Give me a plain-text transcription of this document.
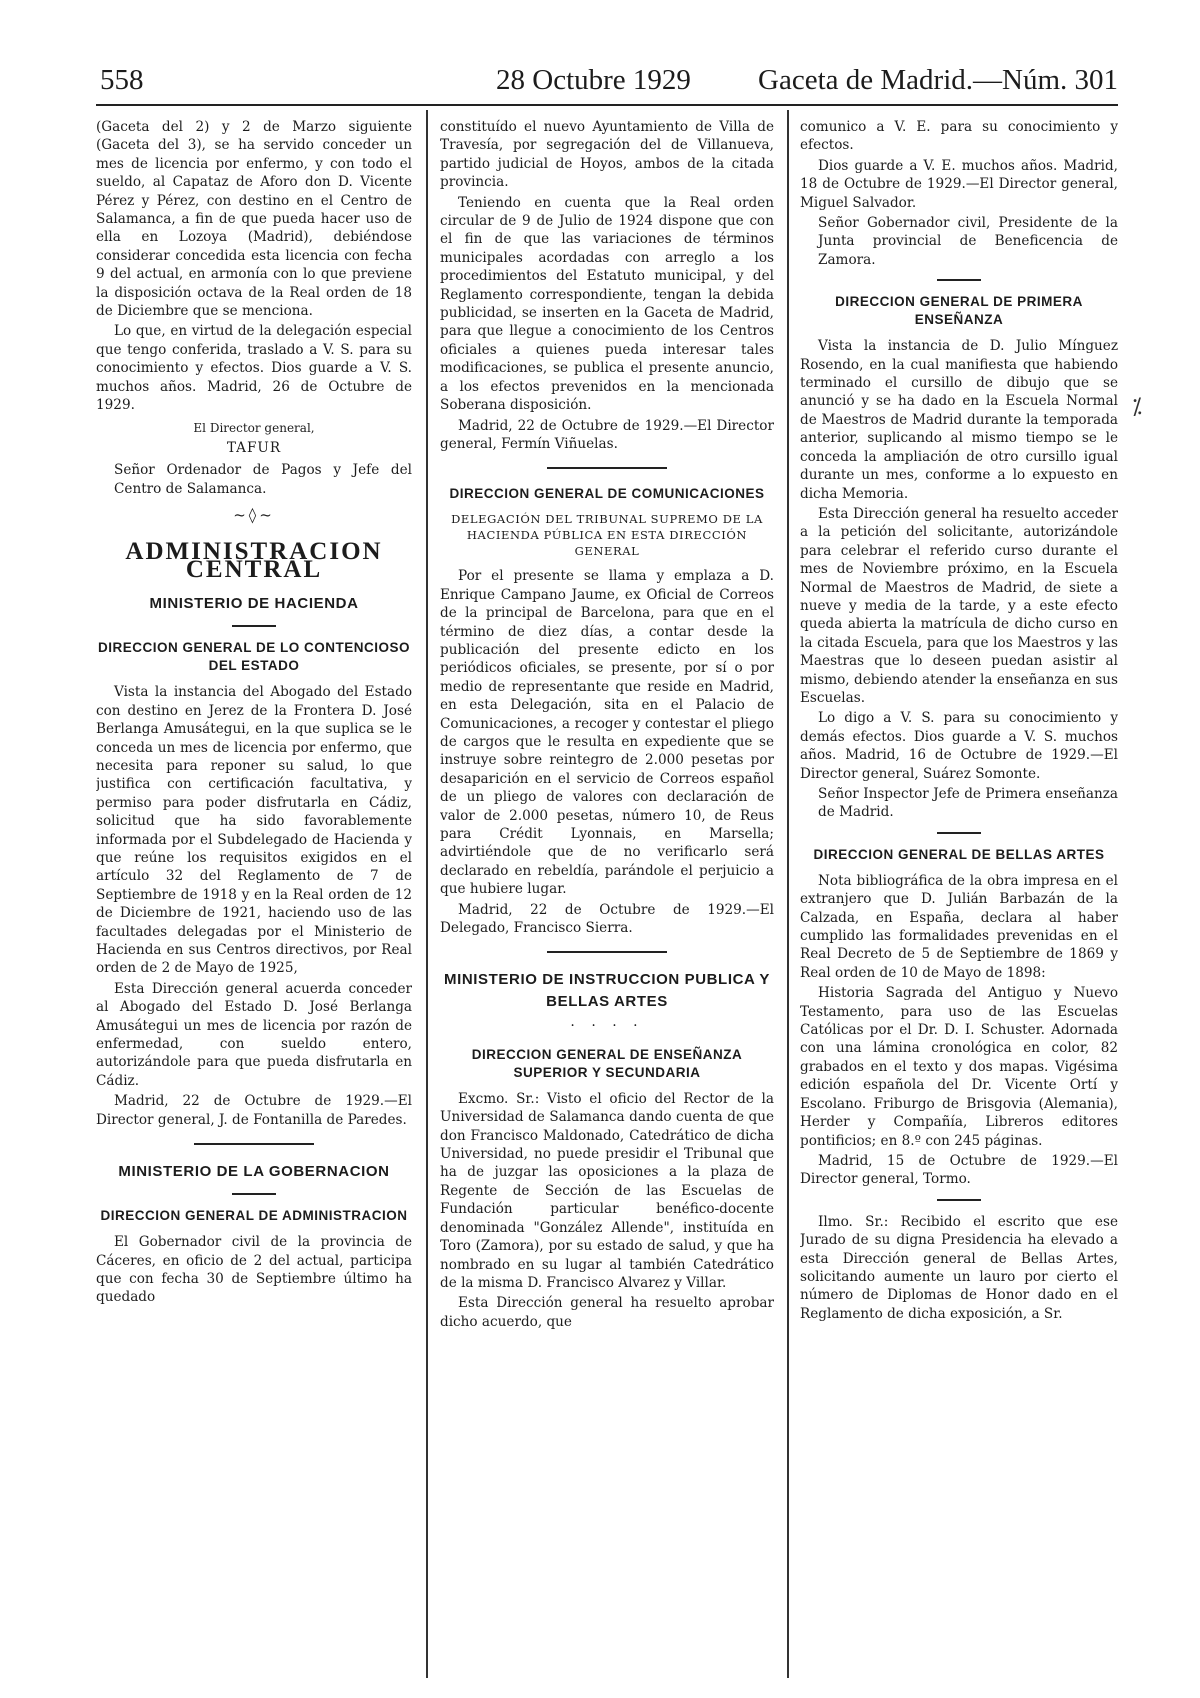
558	28 Octubre 1929 Gaceta de Madrid.—Núm. 301

(Gaceta del 2) y 2 de Marzo siguiente (Gaceta del 3), se ha servido conceder un mes de licencia por enfermo, y con todo el sueldo, al Capataz de Aforo don D. Vicente Pérez y Pérez, con destino en el Centro de Salamanca, a fin de que pueda hacer uso de ella en Lozoya (Madrid), debiéndose considerar concedida esta licencia con fecha 9 del actual, en armonía con lo que previene la disposición octava de la Real orden de 18 de Diciembre que se menciona.

Lo que, en virtud de la delegación especial que tengo conferida, traslado a V. S. para su conocimiento y efectos. Dios guarde a V. S. muchos años. Madrid, 26 de Octubre de 1929.

El Director general,

TAFUR

Señor Ordenador de Pagos y Jefe del Centro de Salamanca.

~◊~
ADMINISTRACION CENTRAL
MINISTERIO DE HACIENDA
DIRECCION GENERAL DE LO CONTENCIOSO DEL ESTADO

Vista la instancia del Abogado del Estado con destino en Jerez de la Frontera D. José Berlanga Amusátegui, en la que suplica se le conceda un mes de licencia por enfermo, que necesita para reponer su salud, lo que justifica con certificación facultativa, y permiso para poder disfrutarla en Cádiz, solicitud que ha sido favorablemente informada por el Subdelegado de Hacienda y que reúne los requisitos exigidos en el artículo 32 del Reglamento de 7 de Septiembre de 1918 y en la Real orden de 12 de Diciembre de 1921, haciendo uso de las facultades delegadas por el Ministerio de Hacienda en sus Centros directivos, por Real orden de 2 de Mayo de 1925,

Esta Dirección general acuerda conceder al Abogado del Estado D. José Berlanga Amusátegui un mes de licencia por razón de enfermedad, con sueldo entero, autorizándole para que pueda disfrutarla en Cádiz.

Madrid, 22 de Octubre de 1929.—El Director general, J. de Fontanilla de Paredes.

MINISTERIO DE LA GOBERNACION
DIRECCION GENERAL DE ADMINISTRACION

El Gobernador civil de la provincia de Cáceres, en oficio de 2 del actual, participa que con fecha 30 de Septiembre último ha quedado

constituído el nuevo Ayuntamiento de Villa de Travesía, por segregación del de Villanueva, partido judicial de Hoyos, ambos de la citada provincia.

Teniendo en cuenta que la Real orden circular de 9 de Julio de 1924 dispone que con el fin de que las variaciones de términos municipales acordadas con arreglo a los procedimientos del Estatuto municipal, y del Reglamento correspondiente, tengan la debida publicidad, se inserten en la Gaceta de Madrid, para que llegue a conocimiento de los Centros oficiales a quienes pueda interesar tales modificaciones, se publica el presente anuncio, a los efectos prevenidos en la mencionada Soberana disposición.

Madrid, 22 de Octubre de 1929.—El Director general, Fermín Viñuelas.

DIRECCION GENERAL DE COMUNICACIONES
DELEGACIÓN DEL TRIBUNAL SUPREMO DE LA HACIENDA PÚBLICA EN ESTA DIRECCIÓN GENERAL

Por el presente se llama y emplaza a D. Enrique Campano Jaume, ex Oficial de Correos de la principal de Barcelona, para que en el término de diez días, a contar desde la publicación del presente edicto en los periódicos oficiales, se presente, por sí o por medio de representante que reside en Madrid, en esta Delegación, sita en el Palacio de Comunicaciones, a recoger y contestar el pliego de cargos que le resulta en expediente que se instruye sobre reintegro de 2.000 pesetas por desaparición en el servicio de Correos español de un pliego de valores con declaración de valor de 2.000 pesetas, número 10, de Reus para Crédit Lyonnais, en Marsella; advirtiéndole que de no verificarlo será declarado en rebeldía, parándole el perjuicio a que hubiere lugar.

Madrid, 22 de Octubre de 1929.—El Delegado, Francisco Sierra.

MINISTERIO DE INSTRUCCION PUBLICA Y BELLAS ARTES
· · · ·
DIRECCION GENERAL DE ENSEÑANZA SUPERIOR Y SECUNDARIA

Excmo. Sr.: Visto el oficio del Rector de la Universidad de Salamanca dando cuenta de que don Francisco Maldonado, Catedrático de dicha Universidad, no puede presidir el Tribunal que ha de juzgar las oposiciones a la plaza de Regente de Sección de las Escuelas de Fundación particular benéfico-docente denominada "González Allende", instituída en Toro (Zamora), por su estado de salud, y que ha nombrado en su lugar al también Catedrático de la misma D. Francisco Alvarez y Villar.

Esta Dirección general ha resuelto aprobar dicho acuerdo, que

comunico a V. E. para su conocimiento y efectos.

Dios guarde a V. E. muchos años. Madrid, 18 de Octubre de 1929.—El Director general, Miguel Salvador.

Señor Gobernador civil, Presidente de la Junta provincial de Beneficencia de Zamora.

DIRECCION GENERAL DE PRIMERA ENSEÑANZA

Vista la instancia de D. Julio Mínguez Rosendo, en la cual manifiesta que habiendo terminado el cursillo de dibujo que se anunció y se ha dado en la Escuela Normal de Maestros de Madrid durante la temporada anterior, suplicando al mismo tiempo se le conceda la ampliación de otro cursillo igual durante un mes, conforme a lo expuesto en dicha Memoria.

Esta Dirección general ha resuelto acceder a la petición del solicitante, autorizándole para celebrar el referido curso durante el mes de Noviembre próximo, en la Escuela Normal de Maestros de Madrid, de siete a nueve y media de la tarde, y a este efecto queda abierta la matrícula de dicho curso en la citada Escuela, para que los Maestros y las Maestras que lo deseen puedan asistir al mismo, debiendo atender la enseñanza en sus Escuelas.

Lo digo a V. S. para su conocimiento y demás efectos. Dios guarde a V. S. muchos años. Madrid, 16 de Octubre de 1929.—El Director general, Suárez Somonte.

Señor Inspector Jefe de Primera enseñanza de Madrid.

DIRECCION GENERAL DE BELLAS ARTES

Nota bibliográfica de la obra impresa en el extranjero que D. Julián Barbazán de la Calzada, en España, declara al haber cumplido las formalidades prevenidas en el Real Decreto de 5 de Septiembre de 1869 y Real orden de 10 de Mayo de 1898:

Historia Sagrada del Antiguo y Nuevo Testamento, para uso de las Escuelas Católicas por el Dr. D. I. Schuster. Adornada con una lámina cronológica en color, 82 grabados en el texto y dos mapas. Vigésima edición española del Dr. Vicente Ortí y Escolano. Friburgo de Brisgovia (Alemania), Herder y Compañía, Libreros editores pontificios; en 8.º con 245 páginas.

Madrid, 15 de Octubre de 1929.—El Director general, Tormo.

Ilmo. Sr.: Recibido el escrito que ese Jurado de su digna Presidencia ha elevado a esta Dirección general de Bellas Artes, solicitando aumente un lauro por cierto el número de Diplomas de Honor dado en el Reglamento de dicha exposición, a Sr.

⁒
